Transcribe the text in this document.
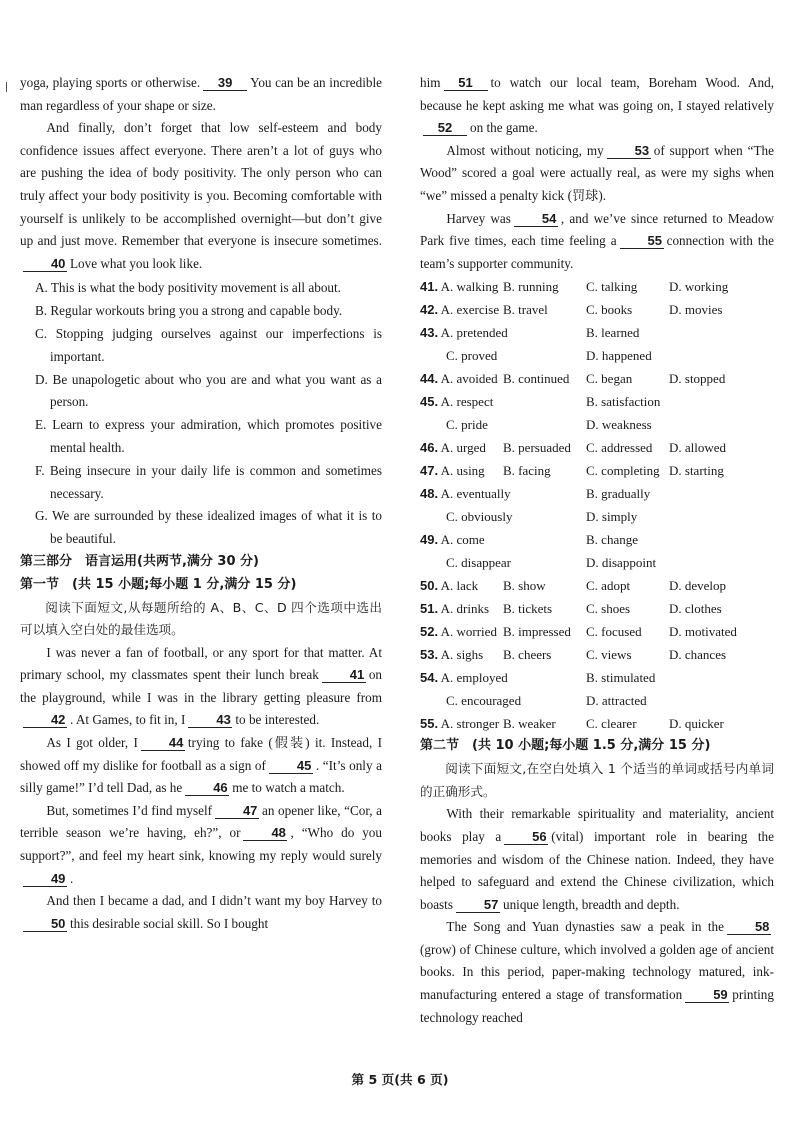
yoga, playing sports or otherwise.	39	You can be an incredible man regardless of your shape or size.

And finally, don’t forget that low self-esteem and body confidence issues affect everyone. There aren’t a lot of guys who are pushing the idea of body positivity. The only person who can truly affect your body positivity is you. Becoming comfortable with yourself is unlikely to be accomplished overnight—but don’t give up and just move. Remember that everyone is insecure sometimes.
40 Love what you look like.

A. This is what the body positivity movement is all about.

B. Regular workouts bring you a strong and capable body.

C. Stopping judging ourselves against our imperfections is important.

D. Be unapologetic about who you are and what you want as a person.

E. Learn to express your admiration, which promotes positive mental health.

F. Being insecure in your daily life is common and sometimes necessary.

G. We are surrounded by these idealized images of what it is to be beautiful.

第三部分　语言运用(共两节,满分 30 分)

第一节　(共 15 小题;每小题 1 分,满分 15 分)

阅读下面短文,从每题所给的 A、B、C、D 四个选项中选出可以填入空白处的最佳选项。

I was never a fan of football, or any sport for that matter. At primary school, my classmates spent their lunch break	41 on the playground, while I was in the library getting pleasure from
42 . At Games, to fit in, I	43 to be interested.

As I got older, I	44 trying to fake (假装) it. Instead, I showed off my dislike for football as a sign of	45 . “It’s only a silly game!” I’d tell Dad, as he	46 me to watch a match.

But, sometimes I’d find myself	47 an opener like, “Cor, a terrible season we’re having, eh?”, or	48 , “Who do you support?”, and feel my heart sink, knowing my reply would surely
49 .

And then I became a dad, and I didn’t want my boy Harvey to
50 this desirable social skill. So I bought

him	51	to watch our local team, Boreham Wood. And, because he kept asking me what was going on, I stayed relatively
52	on the game.

Almost without noticing, my	53 of support when “The Wood” scored a goal were actually real, as were my sighs when “we” missed a penalty kick (罚球).

Harvey was	54 , and we’ve since returned to Meadow Park five times, each time feeling a	55 connection with the team’s supporter community.

41. A. walking B. running	C. talking	D. working
42. A. exercise B. travel	C. books	D. movies
43. A. pretended	B. learned
C. proved	D. happened
44. A. avoided B. continued	C. began	D. stopped
45. A. respect	B. satisfaction
C. pride	D. weakness
46. A. urged	B. persuaded	C. addressed	D. allowed
47. A. using	B. facing	C. completing D. starting
48. A. eventually	B. gradually
C. obviously	D. simply
49. A. come	B. change
C. disappear	D. disappoint
50. A. lack	B. show	C. adopt	D. develop
51. A. drinks	B. tickets	C. shoes	D. clothes
52. A. worried B. impressed	C. focused	D. motivated
53. A. sighs	B. cheers	C. views	D. chances
54. A. employed	B. stimulated
C. encouraged	D. attracted
55. A. stronger B. weaker	C. clearer	D. quicker

第二节　(共 10 小题;每小题 1.5 分,满分 15 分)

阅读下面短文,在空白处填入 1 个适当的单词或括号内单词的正确形式。

With their remarkable spirituality and materiality, ancient books play a	56 (vital) important role in bearing the memories and wisdom of the Chinese nation. Indeed, they have helped to safeguard and extend the Chinese civilization, which boasts	57 unique length, breadth and depth.

The Song and Yuan dynasties saw a peak in the	58
(grow) of Chinese culture, which involved a golden age of ancient books. In this period, paper-making technology matured, ink-manufacturing entered a stage of transformation	59 printing technology reached

第 5 页(共 6 页)
